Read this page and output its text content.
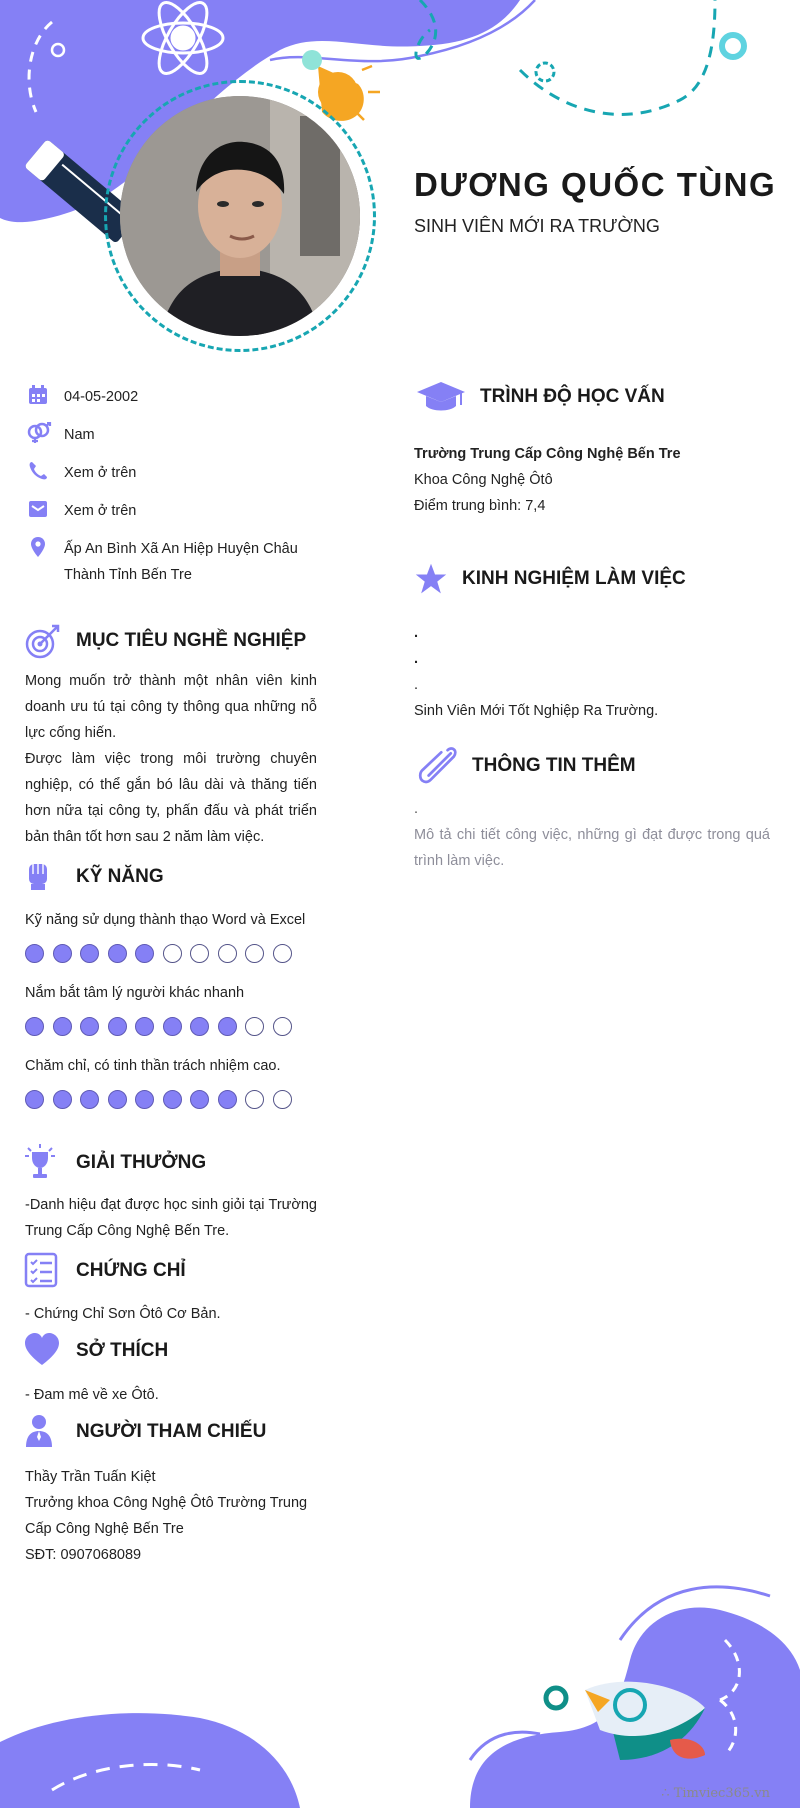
DƯƠNG QUỐC TÙNG
SINH VIÊN MỚI RA TRƯỜNG
04-05-2002
Nam
Xem ở trên
Xem ở trên
Ấp An Bình Xã An Hiệp Huyện Châu Thành Tỉnh Bến Tre
MỤC TIÊU NGHỀ NGHIỆP
Mong muốn trở thành một nhân viên kinh doanh ưu tú tại công ty thông qua những nỗ lực cống hiến.
Được làm việc trong môi trường chuyên nghiệp, có thể gắn bó lâu dài và thăng tiến hơn nữa tại công ty, phấn đấu và phát triển bản thân tốt hơn sau 2 năm làm việc.
KỸ NĂNG
Kỹ năng sử dụng thành thạo Word và Excel
Nắm bắt tâm lý người khác nhanh
Chăm chỉ, có tinh thần trách nhiệm cao.
GIẢI THƯỞNG
-Danh hiệu đạt được học sinh giỏi tại Trường Trung Cấp Công Nghệ Bến Tre.
CHỨNG CHỈ
- Chứng Chỉ Sơn Ôtô Cơ Bản.
SỞ THÍCH
- Đam mê về xe Ôtô.
NGƯỜI THAM CHIẾU
Thầy Trần Tuấn Kiệt
Trưởng khoa Công Nghệ Ôtô Trường Trung Cấp Công Nghệ Bến Tre
SĐT: 0907068089
TRÌNH ĐỘ HỌC VẤN
Trường Trung Cấp Công Nghệ Bến Tre
Khoa Công Nghệ Ôtô
Điểm trung bình: 7,4
KINH NGHIỆM LÀM VIỆC
.
.
.
Sinh Viên Mới Tốt Nghiệp Ra Trường.
THÔNG TIN THÊM
.
Mô tả chi tiết công việc, những gì đạt được trong quá trình làm việc.
∴ Timviec365.vn
